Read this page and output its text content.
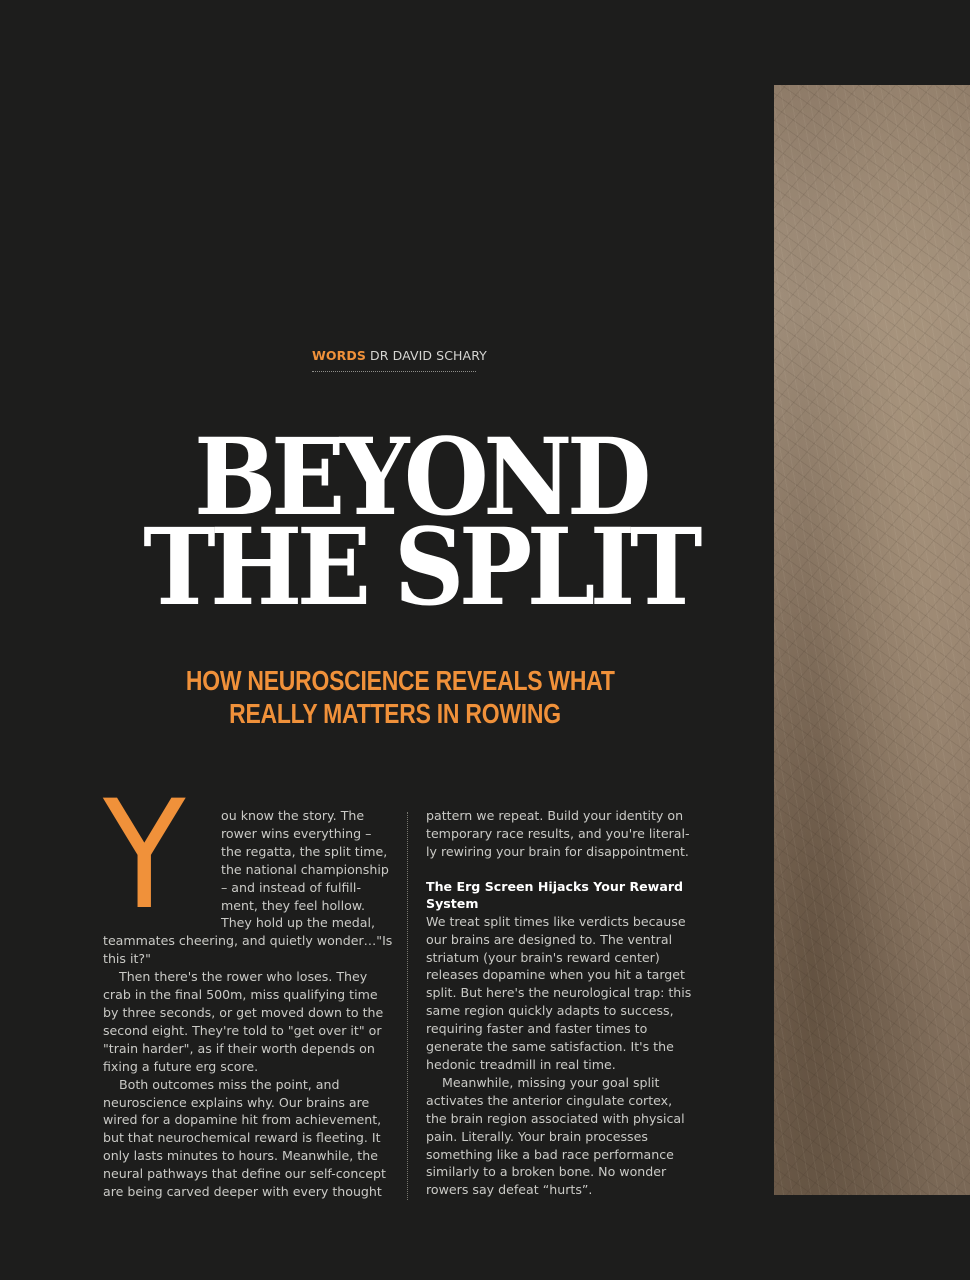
WORDS DR DAVID SCHARY
BEYOND
THE SPLIT
HOW NEUROSCIENCE REVEALS WHAT
REALLY MATTERS IN ROWING
Y	ou know the story. The rower wins everything – the regatta, the split time, the national championship – and instead of fulfillment, they feel hollow. They hold up the medal, teammates cheering, and quietly wonder…"Is this it?"

Then there's the rower who loses. They crab in the final 500m, miss qualifying time by three seconds, or get moved down to the second eight. They're told to "get over it" or "train harder", as if their worth depends on fixing a future erg score.

Both outcomes miss the point, and neuroscience explains why. Our brains are wired for a dopamine hit from achievement, but that neurochemical reward is fleeting. It only lasts minutes to hours. Meanwhile, the neural pathways that define our self-concept are being carved deeper with every thought

pattern we repeat. Build your identity on temporary race results, and you're literally rewiring your brain for disappointment.

The Erg Screen Hijacks Your Reward System

We treat split times like verdicts because our brains are designed to. The ventral striatum (your brain's reward center) releases dopamine when you hit a target split. But here's the neurological trap: this same region quickly adapts to success, requiring faster and faster times to generate the same satisfaction. It's the hedonic treadmill in real time.

Meanwhile, missing your goal split activates the anterior cingulate cortex, the brain region associated with physical pain. Literally. Your brain processes something like a bad race performance similarly to a broken bone. No wonder rowers say defeat “hurts”.
